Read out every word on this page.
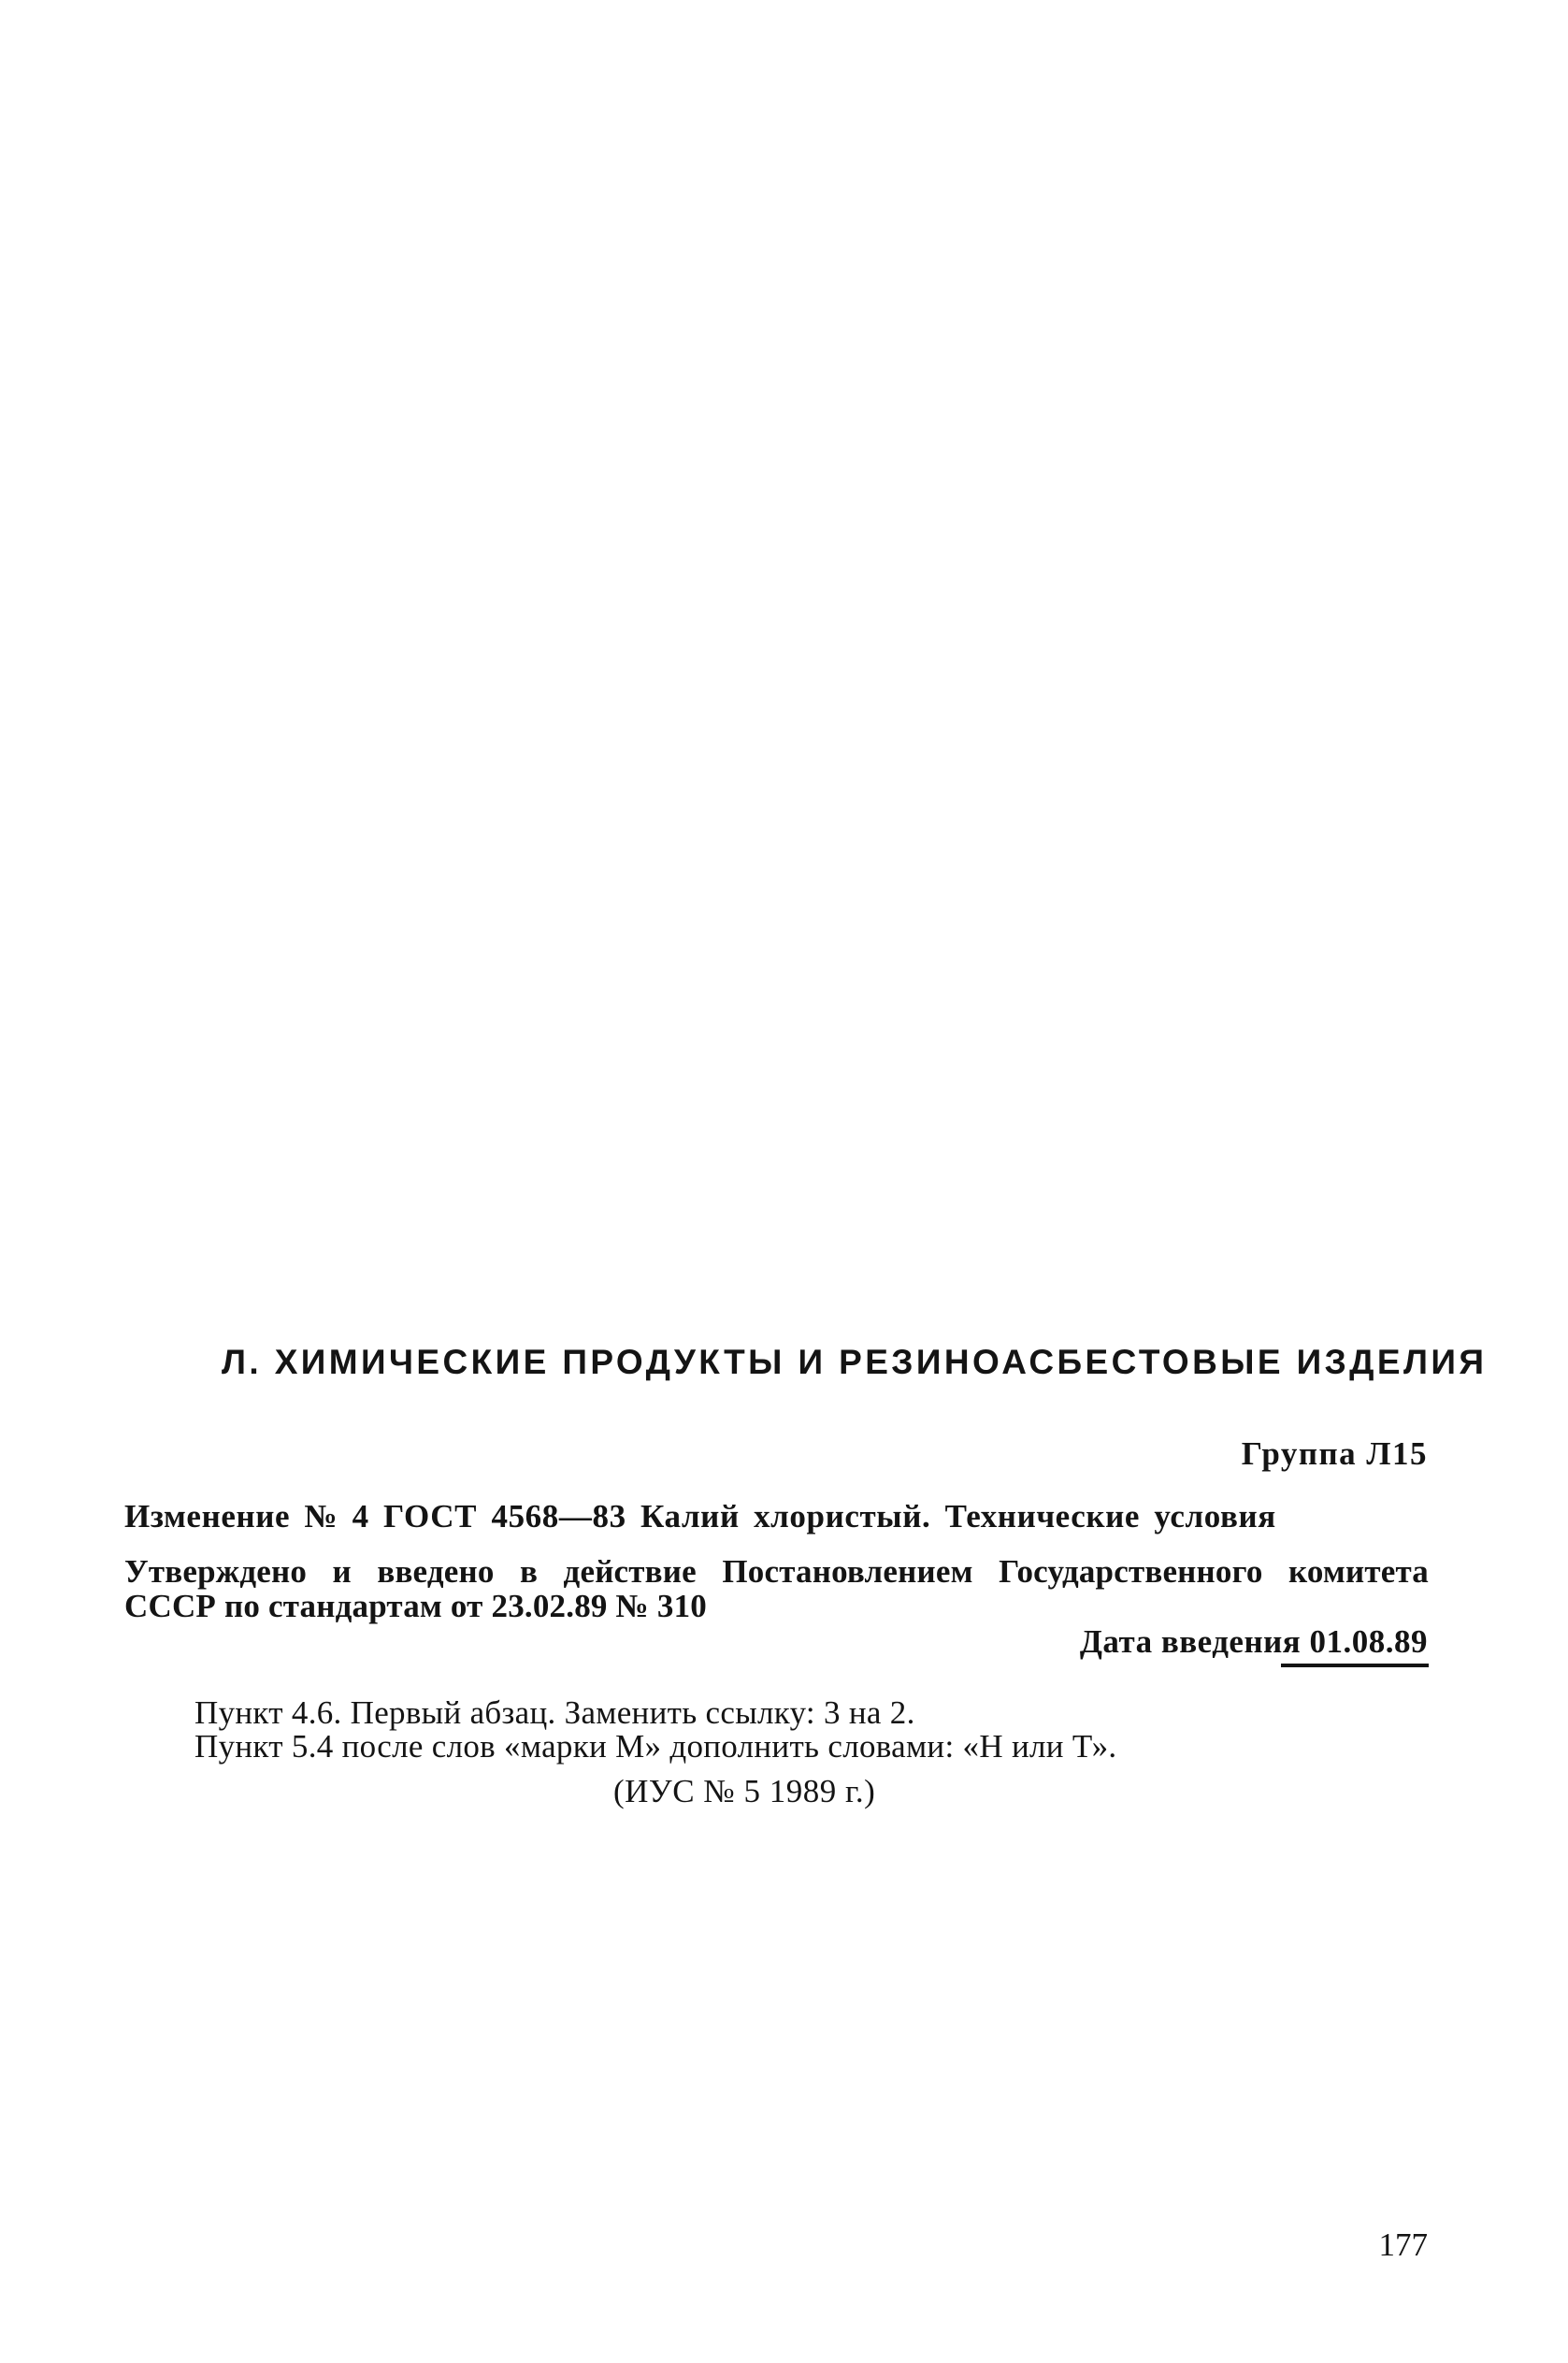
Л. ХИМИЧЕСКИЕ ПРОДУКТЫ И РЕЗИНОАСБЕСТОВЫЕ ИЗДЕЛИЯ
Группа Л15
Изменение № 4 ГОСТ 4568—83 Калий хлористый. Технические условия
Утверждено и введено в действие Постановлением Государственного комитета
СССР по стандартам от 23.02.89 № 310
Дата введения 01.08.89
Пункт 4.6. Первый абзац. Заменить ссылку: 3 на 2.
Пункт 5.4 после слов «марки М» дополнить словами: «Н или Т».
(ИУС № 5 1989 г.)
177
